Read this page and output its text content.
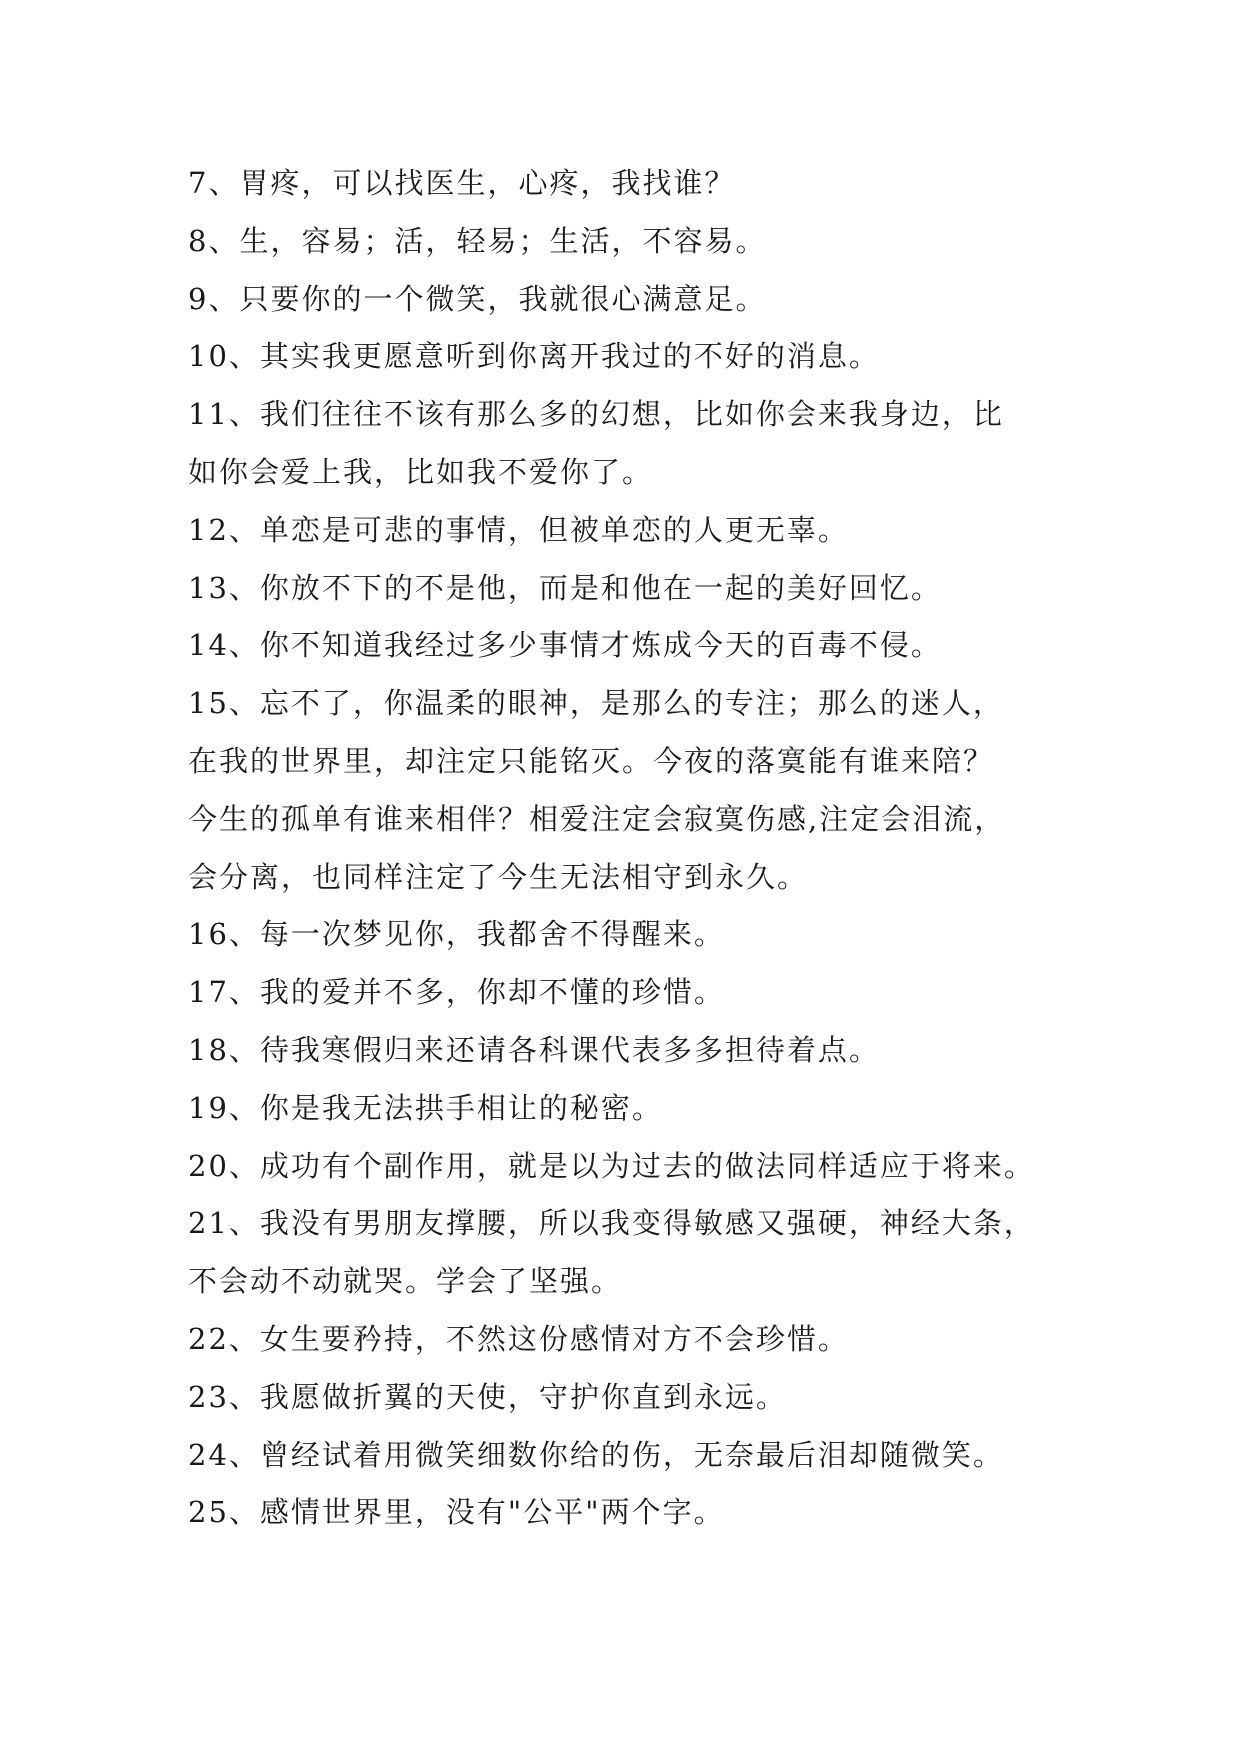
7、胃疼，可以找医生，心疼，我找谁？
8、生，容易；活，轻易；生活，不容易。
9、只要你的一个微笑，我就很心满意足。
10、其实我更愿意听到你离开我过的不好的消息。
11、我们往往不该有那么多的幻想，比如你会来我身边，比
如你会爱上我，比如我不爱你了。
12、单恋是可悲的事情，但被单恋的人更无辜。
13、你放不下的不是他，而是和他在一起的美好回忆。
14、你不知道我经过多少事情才炼成今天的百毒不侵。
15、忘不了，你温柔的眼神，是那么的专注；那么的迷人，
在我的世界里，却注定只能铭灭。今夜的落寞能有谁来陪？
今生的孤单有谁来相伴？相爱注定会寂寞伤感,注定会泪流，
会分离，也同样注定了今生无法相守到永久。
16、每一次梦见你，我都舍不得醒来。
17、我的爱并不多，你却不懂的珍惜。
18、待我寒假归来还请各科课代表多多担待着点。
19、你是我无法拱手相让的秘密。
20、成功有个副作用，就是以为过去的做法同样适应于将来。
21、我没有男朋友撑腰，所以我变得敏感又强硬，神经大条，
不会动不动就哭。学会了坚强。
22、女生要矜持，不然这份感情对方不会珍惜。
23、我愿做折翼的天使，守护你直到永远。
24、曾经试着用微笑细数你给的伤，无奈最后泪却随微笑。
25、感情世界里，没有"公平"两个字。
